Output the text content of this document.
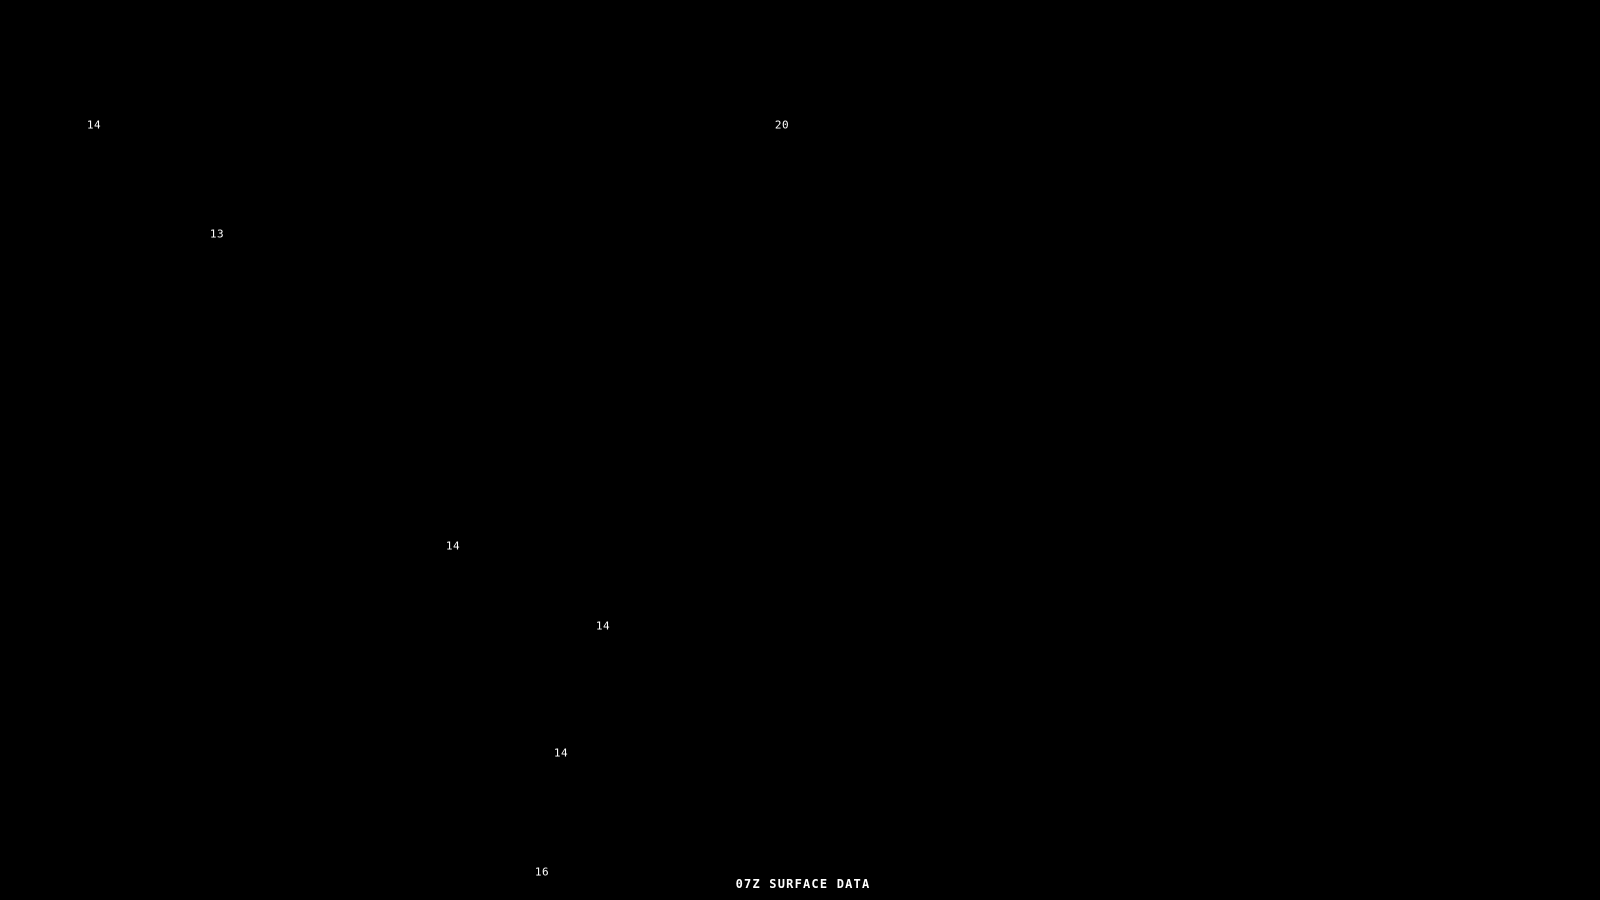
14	20
13
14
14
14
16
07Z SURFACE DATA
